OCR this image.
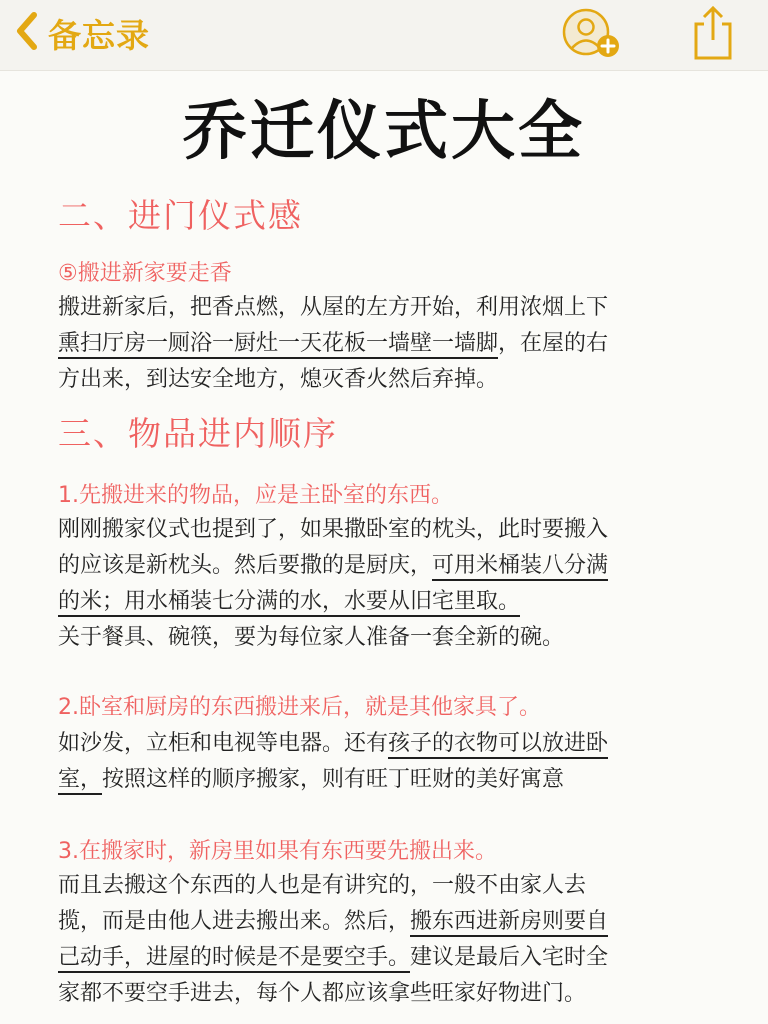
备忘录
乔迁仪式大全
二、进门仪式感
⑤搬进新家要走香
搬进新家后，把香点燃，从屋的左方开始，利用浓烟上下
熏扫厅房一厕浴一厨灶一天花板一墙壁一墙脚，在屋的右
方出来，到达安全地方，熄灭香火然后弃掉。
三、物品进内顺序
1.先搬进来的物品，应是主卧室的东西。
刚刚搬家仪式也提到了，如果撒卧室的枕头，此时要搬入
的应该是新枕头。然后要撒的是厨庆，可用米桶装八分满
的米；用水桶装七分满的水，水要从旧宅里取。
关于餐具、碗筷，要为每位家人准备一套全新的碗。
2.卧室和厨房的东西搬进来后，就是其他家具了。
如沙发，立柜和电视等电器。还有孩子的衣物可以放进卧
室，按照这样的顺序搬家，则有旺丁旺财的美好寓意
3.在搬家时，新房里如果有东西要先搬出来。
而且去搬这个东西的人也是有讲究的，一般不由家人去
揽，而是由他人进去搬出来。然后，搬东西进新房则要自
己动手，进屋的时候是不是要空手。建议是最后入宅时全
家都不要空手进去，每个人都应该拿些旺家好物进门。
